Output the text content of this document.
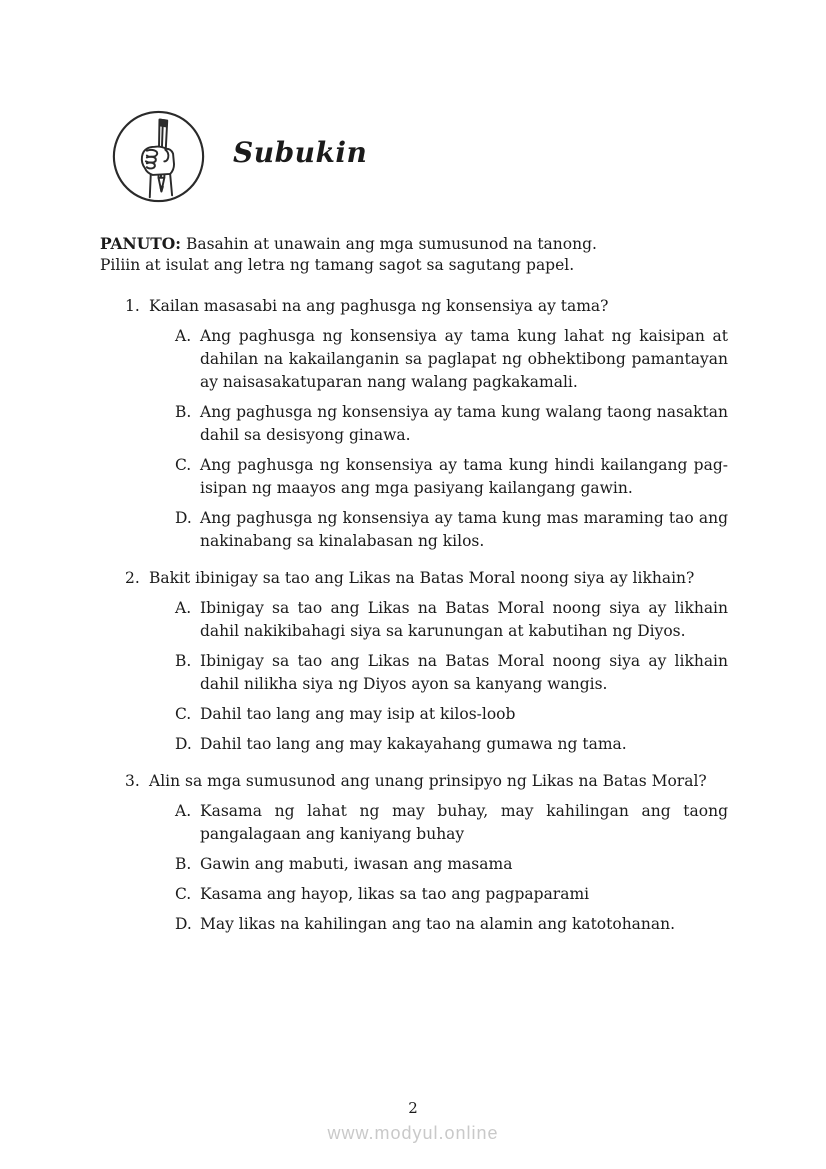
Subukin
PANUTO: Basahin at unawain ang mga sumusunod na tanong.
Piliin at isulat ang letra ng tamang sagot sa sagutang papel.
1. Kailan masasabi na ang paghusga ng konsensiya ay tama?
A. Ang paghusga ng konsensiya ay tama kung lahat ng kaisipan at dahilan na kakailanganin sa paglapat ng obhektibong pamantayan ay naisasakatuparan nang walang pagkakamali.
B. Ang paghusga ng konsensiya ay tama kung walang taong nasaktan dahil sa desisyong ginawa.
C. Ang paghusga ng konsensiya ay tama kung hindi kailangang pag-isipan ng maayos ang mga pasiyang kailangang gawin.
D. Ang paghusga ng konsensiya ay tama kung mas maraming tao ang nakinabang sa kinalabasan ng kilos.
2. Bakit ibinigay sa tao ang Likas na Batas Moral noong siya ay likhain?
A. Ibinigay sa tao ang Likas na Batas Moral noong siya ay likhain dahil nakikibahagi siya sa karunungan at kabutihan ng Diyos.
B. Ibinigay sa tao ang Likas na Batas Moral noong siya ay likhain dahil nilikha siya ng Diyos ayon sa kanyang wangis.
C. Dahil tao lang ang may isip at kilos-loob
D. Dahil tao lang ang may kakayahang gumawa ng tama.
3. Alin sa mga sumusunod ang unang prinsipyo ng Likas na Batas Moral?
A. Kasama ng lahat ng may buhay, may kahilingan ang taong pangalagaan ang kaniyang buhay
B. Gawin ang mabuti, iwasan ang masama
C. Kasama ang hayop, likas sa tao ang pagpaparami
D. May likas na kahilingan ang tao na alamin ang katotohanan.
2
www.modyul.online
